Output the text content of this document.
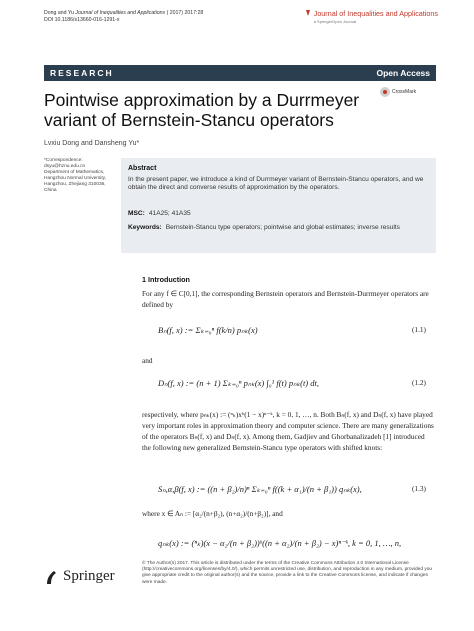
Dong and Yu Journal of Inequalities and Applications ( 2017) 2017:28
DOI 10.1186/s13660-016-1291-x
Journal of Inequalities and Applications
a SpringerOpen Journal
RESEARCH	Open Access
Pointwise approximation by a Durrmeyer variant of Bernstein-Stancu operators
CrossMark
Lvxiu Dong and Dansheng Yu*
*Correspondence:
dsyu@hznu.edu.cn
Department of Mathematics,
Hangzhou Normal University,
Hangzhou, Zhejiang 310036, China
Abstract
In the present paper, we introduce a kind of Durrmeyer variant of Bernstein-Stancu operators, and we obtain the direct and converse results of approximation by the operators.
MSC: 41A25; 41A35
Keywords: Bernstein-Stancu type operators; pointwise and global estimates; inverse results
1 Introduction
For any f ∈ C[0,1], the corresponding Bernstein operators and Bernstein-Durrmeyer operators are defined by
Bₙ(f, x) := Σₖ₌₀ⁿ f(k/n) pₙₖ(x)	(1.1)
and
Dₙ(f, x) := (n + 1) Σₖ₌₀ⁿ pₙₖ(x) ∫₀¹ f(t) pₙₖ(t) dt,	(1.2)
respectively, where pₙₖ(x) := (ⁿₖ)xᵏ(1 − x)ⁿ⁻ᵏ, k = 0, 1, …, n. Both Bₙ(f, x) and Dₙ(f, x) have played very important roles in approximation theory and computer science. There are many generalizations of the operators Bₙ(f, x) and Dₙ(f, x). Among them, Gadjiev and Ghorbanalizadeh [1] introduced the following new generalized Bernstein-Stancu type operators with shifted knots:
Sₙ,α,β(f, x) := ((n + β₂)/n)ⁿ Σₖ₌₀ⁿ f((k + α₁)/(n + β₁)) qₙₖ(x),	(1.3)
where x ∈ Aₙ := [α₂/(n+β₂), (n+α₂)/(n+β₂)], and
qₙₖ(x) := (ⁿₖ)(x − α₂/(n + β₂))ᵏ((n + α₂)/(n + β₂) − x)ⁿ⁻ᵏ, k = 0, 1, …, n,
Springer
© The Author(s) 2017. This article is distributed under the terms of the Creative Commons Attribution 4.0 International License (http://creativecommons.org/licenses/by/4.0/), which permits unrestricted use, distribution, and reproduction in any medium, provided you give appropriate credit to the original author(s) and the source, provide a link to the Creative Commons license, and indicate if changes were made.
